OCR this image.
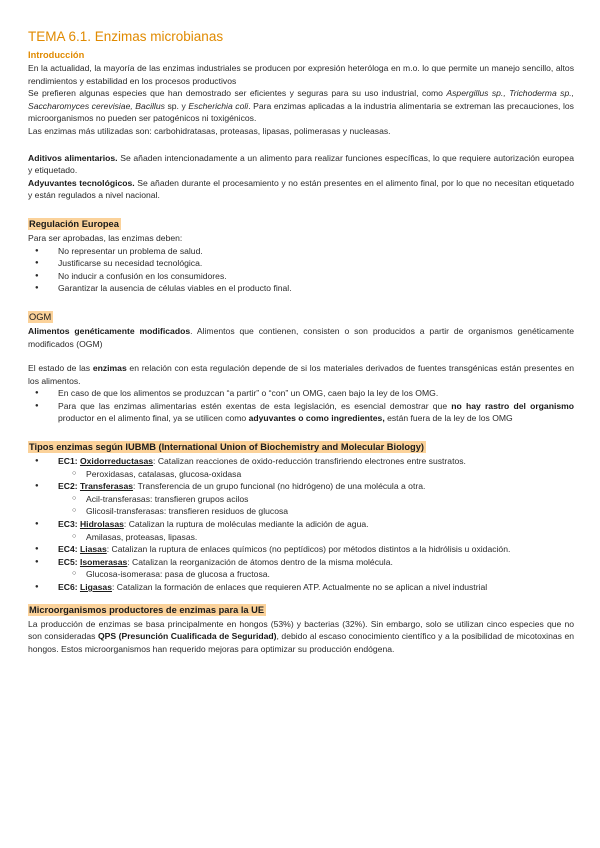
TEMA 6.1. Enzimas microbianas
Introducción

En la actualidad, la mayoría de las enzimas industriales se producen por expresión heteróloga en m.o. lo que permite un manejo sencillo, altos rendimientos y estabilidad en los procesos productivos

Se prefieren algunas especies que han demostrado ser eficientes y seguras para su uso industrial, como Aspergillus sp., Trichoderma sp., Saccharomyces cerevisiae, Bacillus sp. y Escherichia coli. Para enzimas aplicadas a la industria alimentaria se extreman las precauciones, los microorganismos no pueden ser patogénicos ni toxigénicos.

Las enzimas más utilizadas son: carbohidratasas, proteasas, lipasas, polimerasas y nucleasas.

Aditivos alimentarios. Se añaden intencionadamente a un alimento para realizar funciones específicas, lo que requiere autorización europea y etiquetado.

Adyuvantes tecnológicos. Se añaden durante el procesamiento y no están presentes en el alimento final, por lo que no necesitan etiquetado y están regulados a nivel nacional.

Regulación Europea

Para ser aprobadas, las enzimas deben:

● No representar un problema de salud.
● Justificarse su necesidad tecnológica.
● No inducir a confusión en los consumidores.
● Garantizar la ausencia de células viables en el producto final.
OGM

Alimentos genéticamente modificados. Alimentos que contienen, consisten o son producidos a partir de organismos genéticamente modificados (OGM)

El estado de las enzimas en relación con esta regulación depende de si los materiales derivados de fuentes transgénicas están presentes en los alimentos.

● En caso de que los alimentos se produzcan “a partir” o “con” un OMG, caen bajo la ley de los OMG.
● Para que las enzimas alimentarias estén exentas de esta legislación, es esencial demostrar que no hay rastro del organismo productor en el alimento final, ya se utilicen como adyuvantes o como ingredientes, están fuera de la ley de los OMG
Tipos enzimas según IUBMB (International Union of Biochemistry and Molecular Biology)
● EC1: Oxidorreductasas: Catalizan reacciones de oxido-reducción transfiriendo electrones entre sustratos.
○ Peroxidasas, catalasas, glucosa-oxidasa
● EC2: Transferasas: Transferencia de un grupo funcional (no hidrógeno) de una molécula a otra.
○ Acil-transferasas: transfieren grupos acilos
○ Glicosil-transferasas: transfieren residuos de glucosa
● EC3: Hidrolasas: Catalizan la ruptura de moléculas mediante la adición de agua.
○ Amilasas, proteasas, lipasas.
● EC4: Liasas: Catalizan la ruptura de enlaces químicos (no peptídicos) por métodos distintos a la hidrólisis u oxidación.
● EC5: Isomerasas: Catalizan la reorganización de átomos dentro de la misma molécula.
○ Glucosa-isomerasa: pasa de glucosa a fructosa.
● EC6: Ligasas: Catalizan la formación de enlaces que requieren ATP. Actualmente no se aplican a nivel industrial
Microorganismos productores de enzimas para la UE

La producción de enzimas se basa principalmente en hongos (53%) y bacterias (32%). Sin embargo, solo se utilizan cinco especies que no son consideradas QPS (Presunción Cualificada de Seguridad), debido al escaso conocimiento científico y a la posibilidad de micotoxinas en hongos. Estos microorganismos han requerido mejoras para optimizar su producción endógena.
